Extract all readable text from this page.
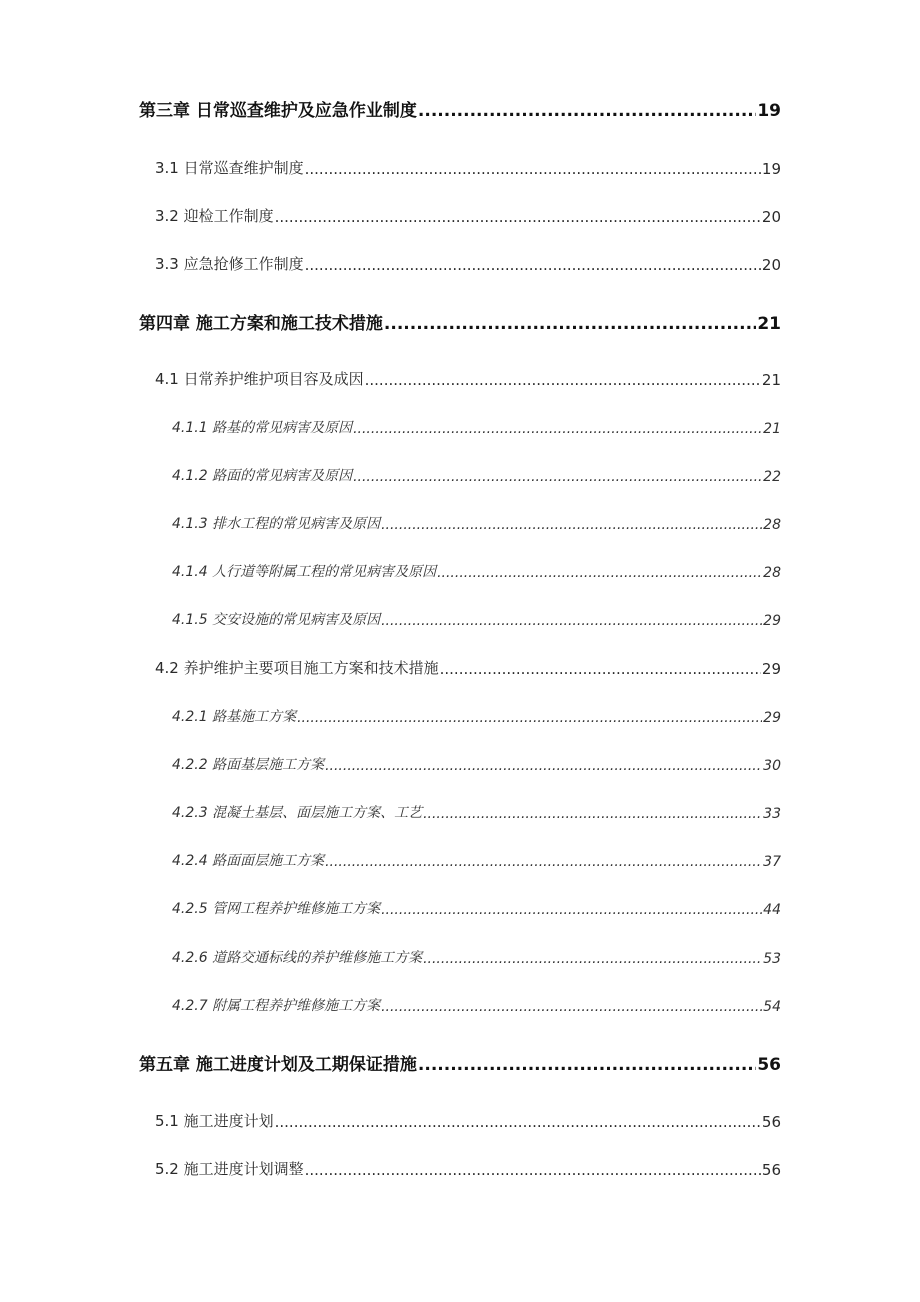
第三章 日常巡查维护及应急作业制度 .....	19
3.1 日常巡查维护制度 .....	19
3.2 迎检工作制度 .....	20
3.3 应急抢修工作制度 .....	20
第四章 施工方案和施工技术措施 .....	21
4.1 日常养护维护项目容及成因 .....	21
4.1.1 路基的常见病害及原因 .....	21
4.1.2 路面的常见病害及原因 .....	22
4.1.3 排水工程的常见病害及原因 .....	28
4.1.4 人行道等附属工程的常见病害及原因 .....	28
4.1.5 交安设施的常见病害及原因 .....	29
4.2 养护维护主要项目施工方案和技术措施 .....	29
4.2.1 路基施工方案 .....	29
4.2.2 路面基层施工方案 .....	30
4.2.3 混凝土基层、面层施工方案、工艺 .....	33
4.2.4 路面面层施工方案 .....	37
4.2.5 管网工程养护维修施工方案 .....	44
4.2.6 道路交通标线的养护维修施工方案 .....	53
4.2.7 附属工程养护维修施工方案 .....	54
第五章 施工进度计划及工期保证措施 .....	56
5.1 施工进度计划 .....	56
5.2 施工进度计划调整 .....	56
